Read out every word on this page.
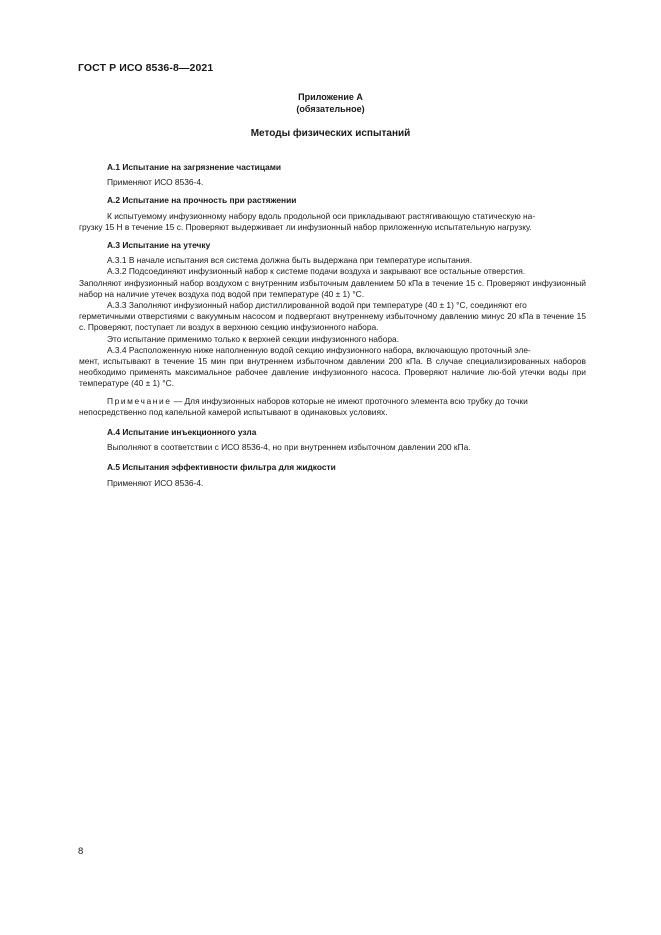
ГОСТ Р ИСО 8536-8—2021
Приложение А
(обязательное)
Методы физических испытаний

А.1 Испытание на загрязнение частицами

Применяют ИСО 8536-4.

А.2 Испытание на прочность при растяжении

К испытуемому инфузионному набору вдоль продольной оси прикладывают растягивающую статическую на-

грузку 15 Н в течение 15 с. Проверяют выдерживает ли инфузионный набор приложенную испытательную нагрузку.

А.3 Испытание на утечку

А.3.1 В начале испытания вся система должна быть выдержана при температуре испытания.

А.3.2 Подсоединяют инфузионный набор к системе подачи воздуха и закрывают все остальные отверстия.

Заполняют инфузионный набор воздухом с внутренним избыточным давлением 50 кПа в течение 15 с. Проверяют инфузионный набор на наличие утечек воздуха под водой при температуре (40 ± 1) °С.

А.3.3 Заполняют инфузионный набор дистиллированной водой при температуре (40 ± 1) °С, соединяют его

герметичными отверстиями с вакуумным насосом и подвергают внутреннему избыточному давлению минус 20 кПа в течение 15 с. Проверяют, поступает ли воздух в верхнюю секцию инфузионного набора.

Это испытание применимо только к верхней секции инфузионного набора.

А.3.4 Расположенную ниже наполненную водой секцию инфузионного набора, включающую проточный эле-

мент, испытывают в течение 15 мин при внутреннем избыточном давлении 200 кПа. В случае специализированных наборов необходимо применять максимальное рабочее давление инфузионного насоса. Проверяют наличие лю-бой утечки воды при температуре (40 ± 1) °С.

Примечание — Для инфузионных наборов которые не имеют проточного элемента всю трубку до точки

непосредственно под капельной камерой испытывают в одинаковых условиях.

А.4 Испытание инъекционного узла

Выполняют в соответствии с ИСО 8536-4, но при внутреннем избыточном давлении 200 кПа.

А.5 Испытания эффективности фильтра для жидкости

Применяют ИСО 8536-4.

8
